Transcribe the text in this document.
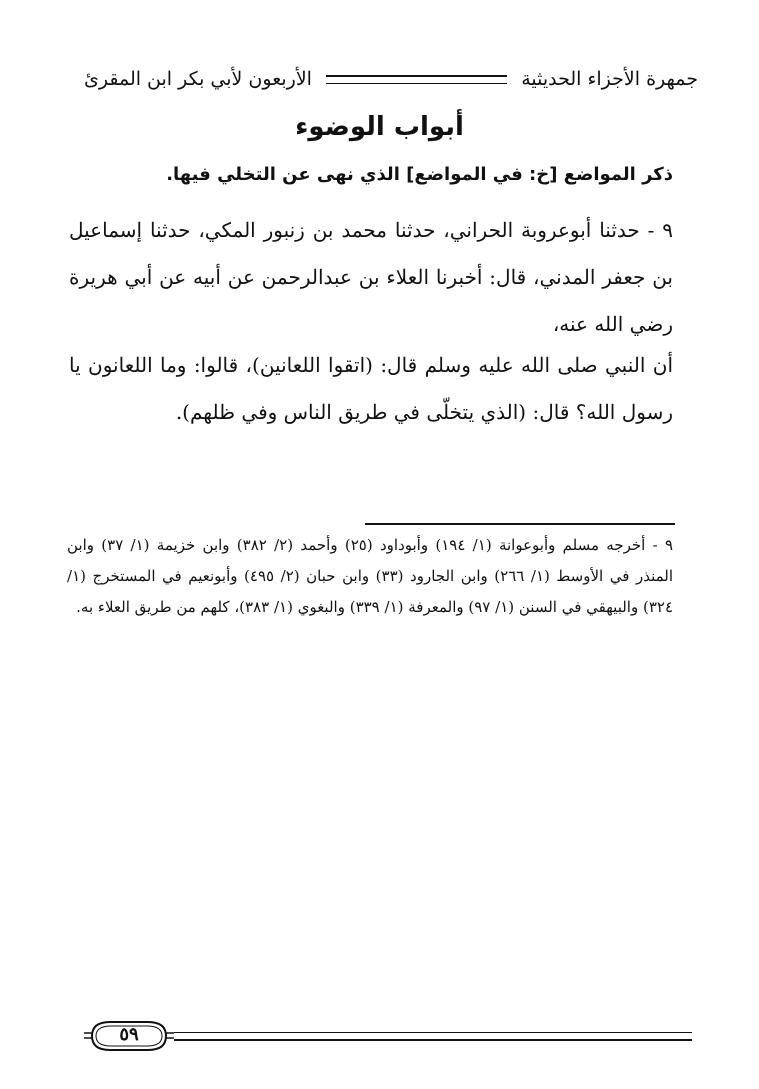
جمهرة الأجزاء الحديثية
الأربعون لأبي بكر ابن المقرئ
أبواب الوضوء
ذكر المواضع [خ: في المواضع] الذي نهى عن التخلي فيها.
٩ - حدثنا أبوعروبة الحراني، حدثنا محمد بن زنبور المكي، حدثنا إسماعيل بن جعفر المدني، قال: أخبرنا العلاء بن عبدالرحمن عن أبيه عن أبي هريرة رضي الله عنه،
أن النبي صلى الله عليه وسلم قال: (اتقوا اللعانين)، قالوا: وما اللعانون يا رسول الله؟ قال: (الذي يتخلّى في طريق الناس وفي ظلهم).
٩ - أخرجه مسلم وأبوعوانة (١/ ١٩٤) وأبوداود (٢٥) وأحمد (٢/ ٣٨٢) وابن خزيمة (١/ ٣٧) وابن المنذر في الأوسط (١/ ٢٦٦) وابن الجارود (٣٣) وابن حبان (٢/ ٤٩٥) وأبونعيم في المستخرج (١/ ٣٢٤) والبيهقي في السنن (١/ ٩٧) والمعرفة (١/ ٣٣٩) والبغوي (١/ ٣٨٣)، كلهم من طريق العلاء به.
٥٩
